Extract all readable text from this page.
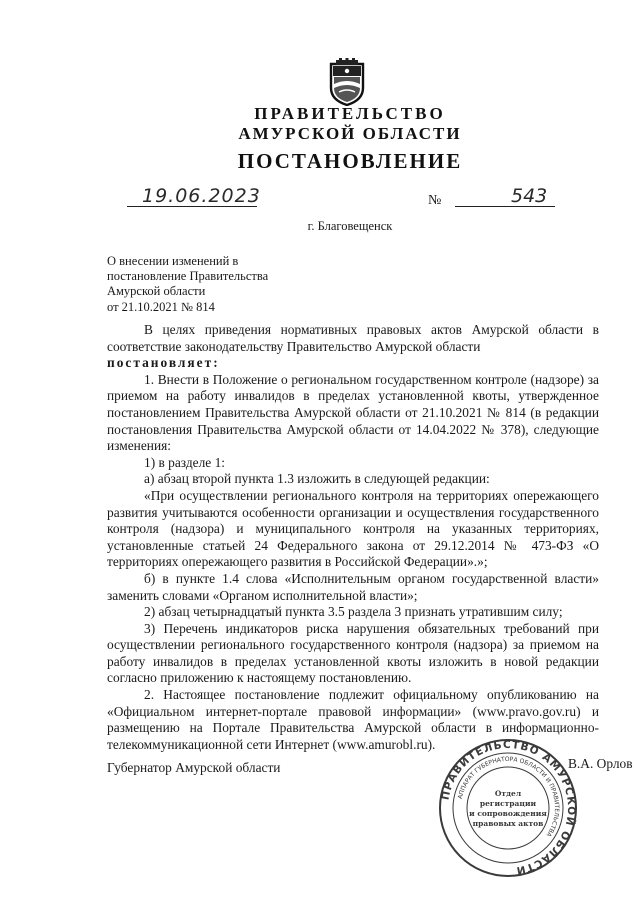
ПРАВИТЕЛЬСТВО
АМУРСКОЙ ОБЛАСТИ
ПОСТАНОВЛЕНИЕ
19.06.2023	№	543
г. Благовещенск
О внесении изменений в
постановление Правительства
Амурской области
от 21.10.2021 № 814

В целях приведения нормативных правовых актов Амурской области в соответствие законодательству Правительство Амурской области

постановляет:

1. Внести в Положение о региональном государственном контроле (надзоре) за приемом на работу инвалидов в пределах установленной квоты, утвержденное постановлением Правительства Амурской области от 21.10.2021 № 814 (в редакции постановления Правительства Амурской области от 14.04.2022 № 378), следующие изменения:

1) в разделе 1:

а) абзац второй пункта 1.3 изложить в следующей редакции:

«При осуществлении регионального контроля на территориях опережающего развития учитываются особенности организации и осуществления государственного контроля (надзора) и муниципального контроля на указанных территориях, установленные статьей 24 Федерального закона от 29.12.2014 № 473-ФЗ «О территориях опережающего развития в Российской Федерации».»;

б) в пункте 1.4 слова «Исполнительным органом государственной власти» заменить словами «Органом исполнительной власти»;

2) абзац четырнадцатый пункта 3.5 раздела 3 признать утратившим силу;

3) Перечень индикаторов риска нарушения обязательных требований при осуществлении регионального государственного контроля (надзора) за приемом на работу инвалидов в пределах установленной квоты изложить в новой редакции согласно приложению к настоящему постановлению.

2. Настоящее постановление подлежит официальному опубликованию на «Официальном интернет-портале правовой информации» (www.pravo.gov.ru) и размещению на Портале Правительства Амурской области в информационно-телекоммуникационной сети Интернет (www.amurobl.ru).

Губернатор Амурской области	В.А. Орлов
ПРАВИТЕЛЬСТВО АМУРСКОЙ ОБЛАСТИ
АППАРАТ ГУБЕРНАТОРА ОБЛАСТИ И ПРАВИТЕЛЬСТВА
Отдел
регистрации
и сопровождения
правовых актов
